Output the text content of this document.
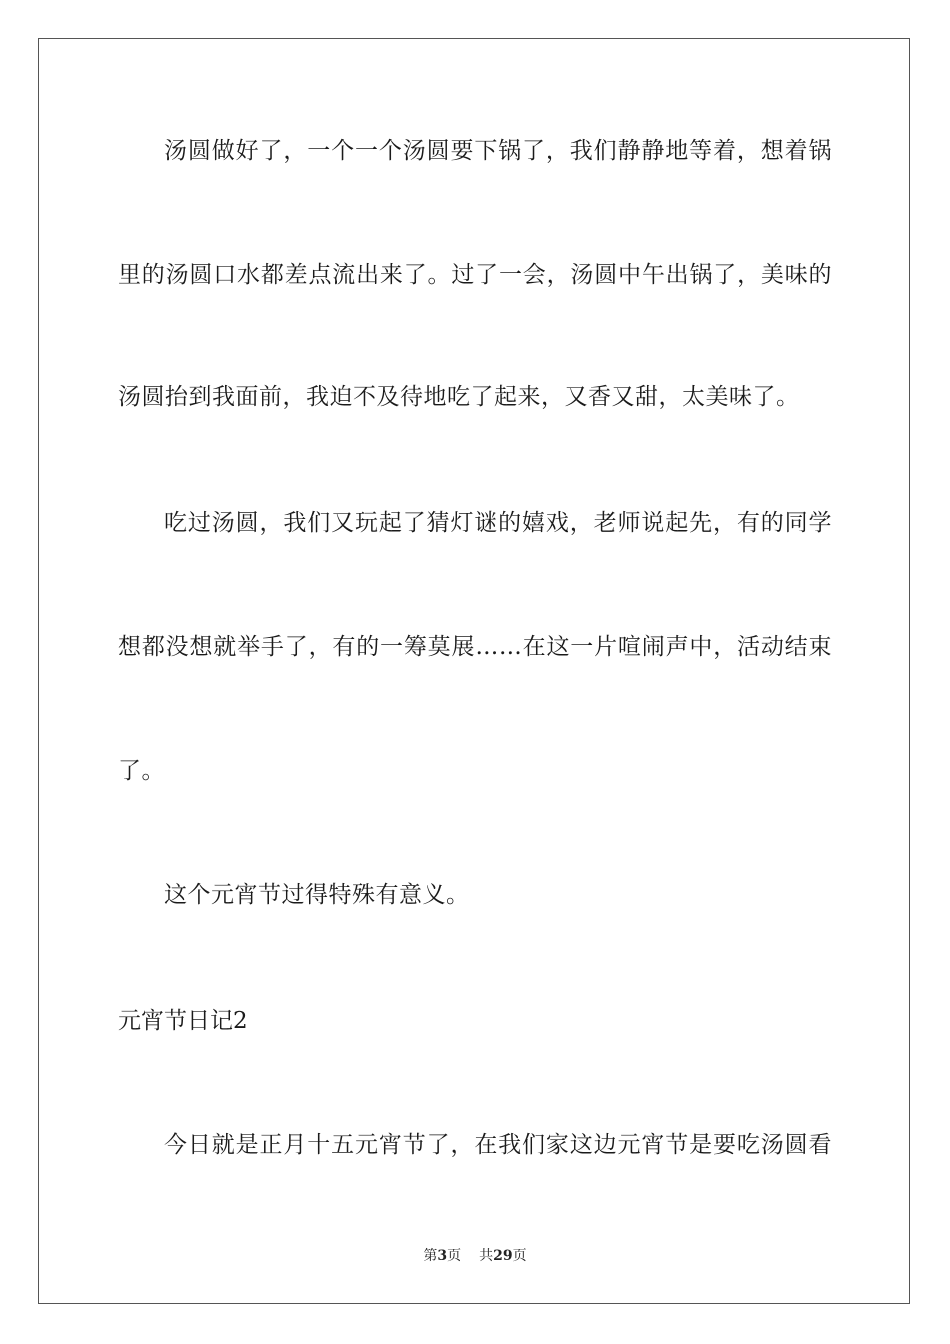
汤圆做好了，一个一个汤圆要下锅了，我们静静地等着，想着锅
里的汤圆口水都差点流出来了。过了一会，汤圆中午出锅了，美味的
汤圆抬到我面前，我迫不及待地吃了起来，又香又甜，太美味了。
吃过汤圆，我们又玩起了猜灯谜的嬉戏，老师说起先，有的同学
想都没想就举手了，有的一筹莫展……在这一片喧闹声中，活动结束
了。
这个元宵节过得特殊有意义。
元宵节日记2
今日就是正月十五元宵节了，在我们家这边元宵节是要吃汤圆看
第3页 共29页
